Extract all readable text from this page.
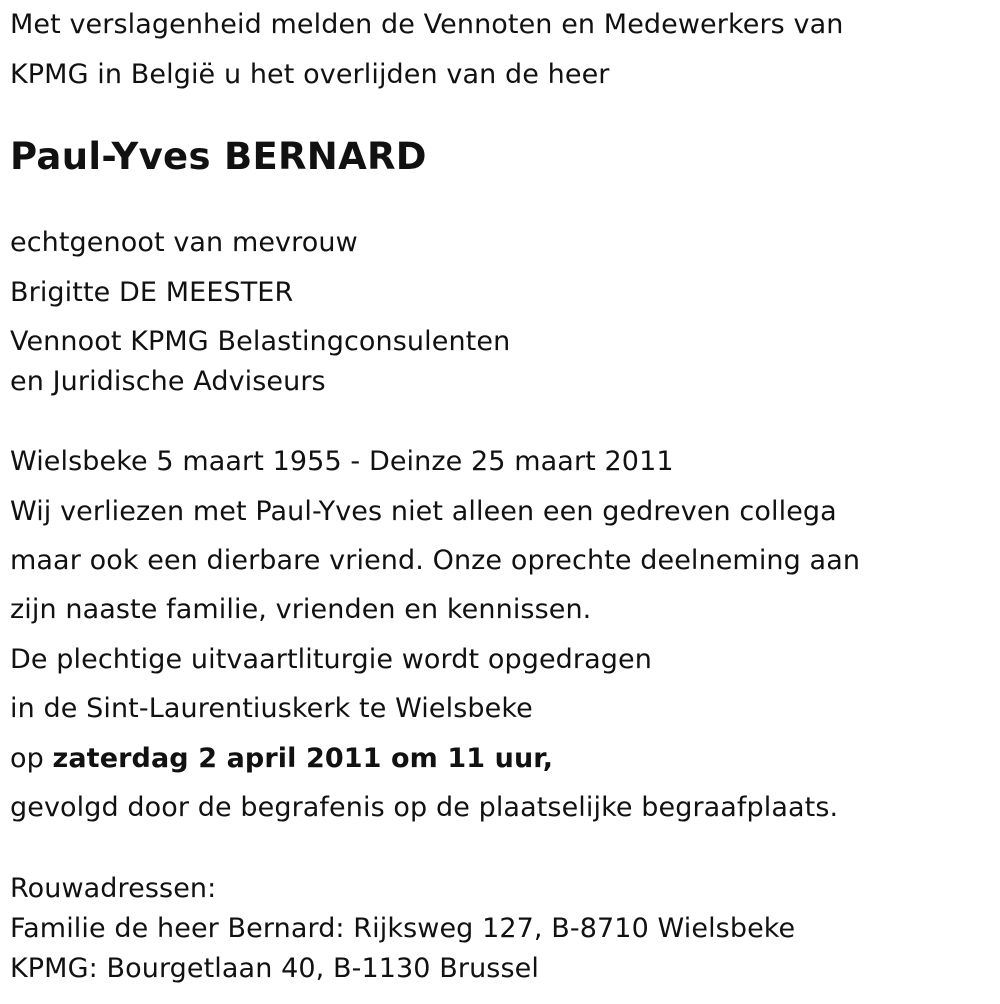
Met verslagenheid melden de Vennoten en Medewerkers van
KPMG in België u het overlijden van de heer
Paul-Yves BERNARD
echtgenoot van mevrouw
Brigitte DE MEESTER
Vennoot KPMG Belastingconsulenten
en Juridische Adviseurs
Wielsbeke 5 maart 1955 - Deinze 25 maart 2011
Wij verliezen met Paul-Yves niet alleen een gedreven collega
maar ook een dierbare vriend. Onze oprechte deelneming aan
zijn naaste familie, vrienden en kennissen.
De plechtige uitvaartliturgie wordt opgedragen
in de Sint-Laurentiuskerk te Wielsbeke
op zaterdag 2 april 2011 om 11 uur,
gevolgd door de begrafenis op de plaatselijke begraafplaats.
Rouwadressen:
Familie de heer Bernard: Rijksweg 127, B-8710 Wielsbeke
KPMG: Bourgetlaan 40, B-1130 Brussel
